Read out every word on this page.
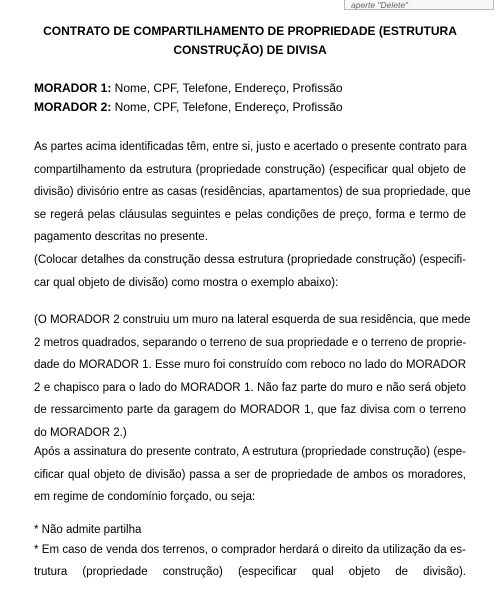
aperte "Delete"
CONTRATO DE COMPARTILHAMENTO DE PROPRIEDADE (ESTRUTURA
CONSTRUÇÃO) DE DIVISA
MORADOR 1: Nome, CPF, Telefone, Endereço, Profissão
MORADOR 2: Nome, CPF, Telefone, Endereço, Profissão
As partes acima identificadas têm, entre si, justo e acertado o presente contrato para
compartilhamento da estrutura (propriedade construção) (especificar qual objeto de
divisão) divisório entre as casas (residências, apartamentos) de sua propriedade, que
se regerá pelas cláusulas seguintes e pelas condições de preço, forma e termo de
pagamento descritas no presente.
(Colocar detalhes da construção dessa estrutura (propriedade construção) (especifi-
car qual objeto de divisão) como mostra o exemplo abaixo):
(O MORADOR 2 construiu um muro na lateral esquerda de sua residência, que mede
2 metros quadrados, separando o terreno de sua propriedade e o terreno de proprie-
dade do MORADOR 1. Esse muro foi construído com reboco no lado do MORADOR
2 e chapisco para o lado do MORADOR 1. Não faz parte do muro e não será objeto
de ressarcimento parte da garagem do MORADOR 1, que faz divisa com o terreno
do MORADOR 2.)
Após a assinatura do presente contrato, A estrutura (propriedade construção) (espe-
cificar qual objeto de divisão) passa a ser de propriedade de ambos os moradores,
em regime de condomínio forçado, ou seja:
* Não admite partilha
* Em caso de venda dos terrenos, o comprador herdará o direito da utilização da es-
trutura (propriedade construção) (especificar qual objeto de divisão).
